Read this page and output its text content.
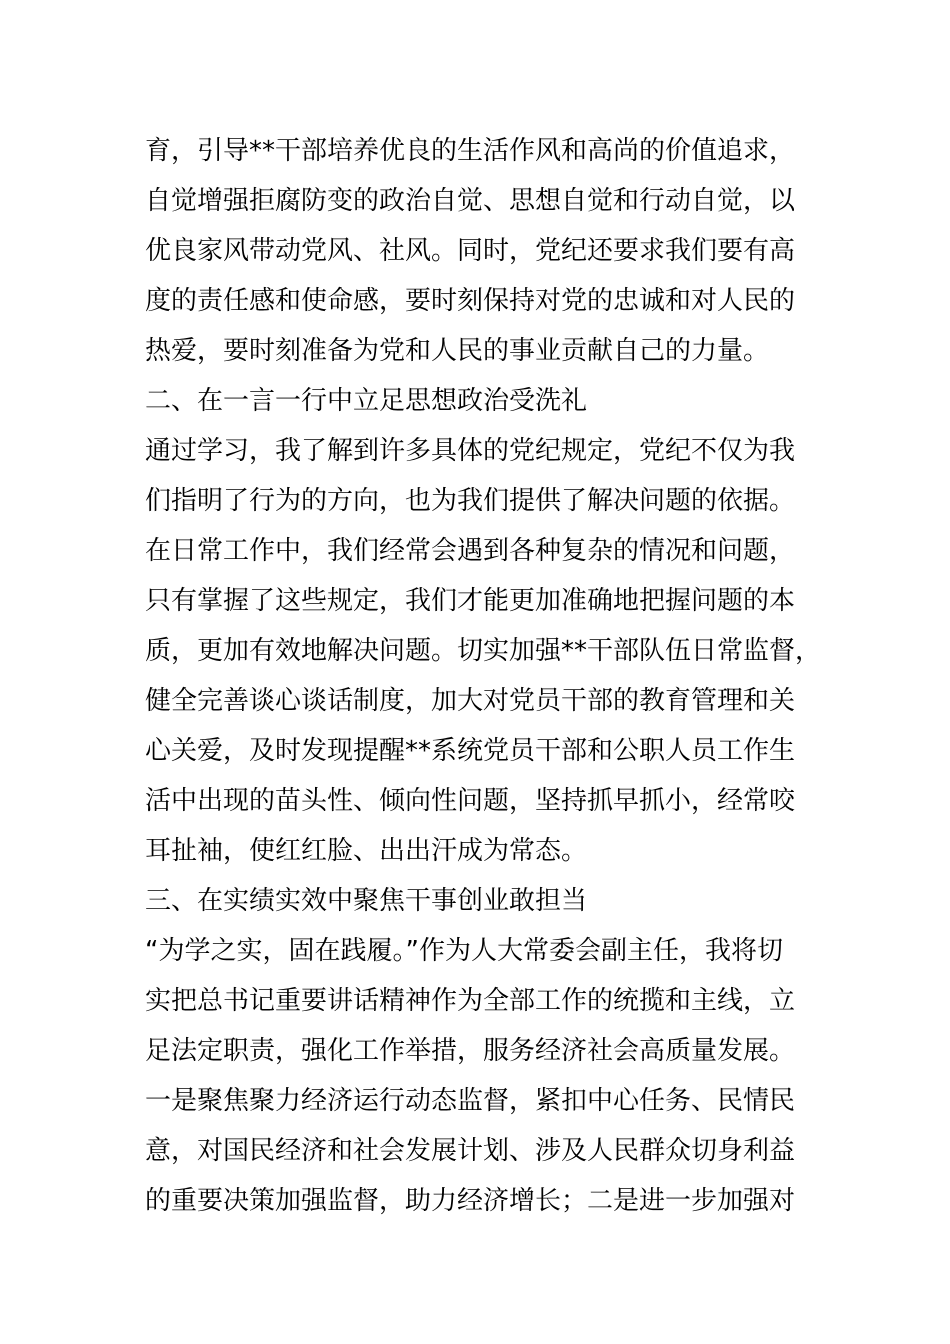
育，引导**干部培养优良的生活作风和高尚的价值追求，
自觉增强拒腐防变的政治自觉、思想自觉和行动自觉，以
优良家风带动党风、社风。同时，党纪还要求我们要有高
度的责任感和使命感，要时刻保持对党的忠诚和对人民的
热爱，要时刻准备为党和人民的事业贡献自己的力量。
二、在一言一行中立足思想政治受洗礼
通过学习，我了解到许多具体的党纪规定，党纪不仅为我
们指明了行为的方向，也为我们提供了解决问题的依据。
在日常工作中，我们经常会遇到各种复杂的情况和问题，
只有掌握了这些规定，我们才能更加准确地把握问题的本
质，更加有效地解决问题。切实加强**干部队伍日常监督，
健全完善谈心谈话制度，加大对党员干部的教育管理和关
心关爱，及时发现提醒**系统党员干部和公职人员工作生
活中出现的苗头性、倾向性问题，坚持抓早抓小，经常咬
耳扯袖，使红红脸、出出汗成为常态。
三、在实绩实效中聚焦干事创业敢担当
“为学之实，固在践履。”作为人大常委会副主任，我将切
实把总书记重要讲话精神作为全部工作的统揽和主线，立
足法定职责，强化工作举措，服务经济社会高质量发展。
一是聚焦聚力经济运行动态监督，紧扣中心任务、民情民
意，对国民经济和社会发展计划、涉及人民群众切身利益
的重要决策加强监督，助力经济增长；二是进一步加强对
